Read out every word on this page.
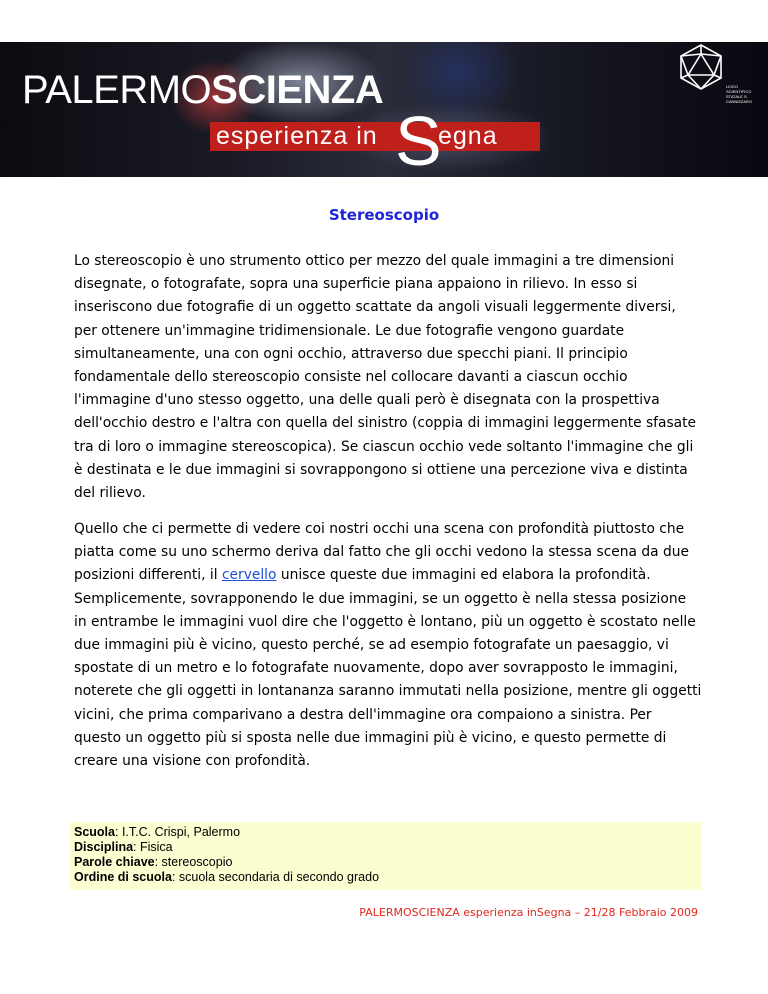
PALERMOSCIENZA
esperienza in S
egna
LICEO SCIENTIFICO STATALE S. CANNIZZARO
Stereoscopio
Lo stereoscopio è uno strumento ottico per mezzo del quale immagini a tre dimensioni disegnate, o fotografate, sopra una superficie piana appaiono in rilievo. In esso si inseriscono due fotografie di un oggetto scattate da angoli visuali leggermente diversi, per ottenere un'immagine tridimensionale. Le due fotografie vengono guardate simultaneamente, una con ogni occhio, attraverso due specchi piani. Il principio fondamentale dello stereoscopio consiste nel collocare davanti a ciascun occhio l'immagine d'uno stesso oggetto, una delle quali però è disegnata con la prospettiva dell'occhio destro e l'altra con quella del sinistro (coppia di immagini leggermente sfasate tra di loro o immagine stereoscopica). Se ciascun occhio vede soltanto l'immagine che gli è destinata e le due immagini si sovrappongono si ottiene una percezione viva e distinta del rilievo.
Quello che ci permette di vedere coi nostri occhi una scena con profondità piuttosto che piatta come su uno schermo deriva dal fatto che gli occhi vedono la stessa scena da due posizioni differenti, il cervello unisce queste due immagini ed elabora la profondità. Semplicemente, sovrapponendo le due immagini, se un oggetto è nella stessa posizione in entrambe le immagini vuol dire che l'oggetto è lontano, più un oggetto è scostato nelle due immagini più è vicino, questo perché, se ad esempio fotografate un paesaggio, vi spostate di un metro e lo fotografate nuovamente, dopo aver sovrapposto le immagini, noterete che gli oggetti in lontananza saranno immutati nella posizione, mentre gli oggetti vicini, che prima comparivano a destra dell'immagine ora compaiono a sinistra. Per questo un oggetto più si sposta nelle due immagini più è vicino, e questo permette di creare una visione con profondità.
Scuola: I.T.C. Crispi, Palermo
Disciplina: Fisica
Parole chiave: stereoscopio
Ordine di scuola: scuola secondaria di secondo grado
PALERMOSCIENZA esperienza inSegna – 21/28 Febbraio 2009
